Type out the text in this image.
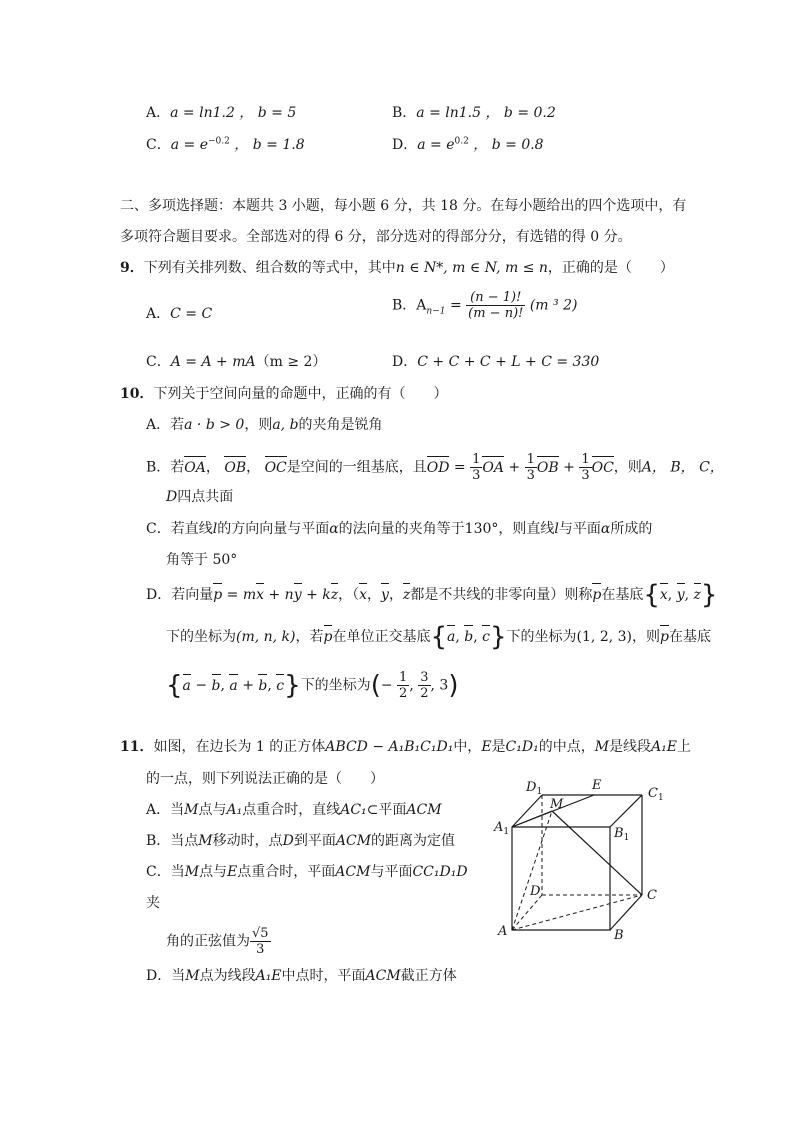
A．a = ln1.2 ， b = 5	B．a = ln1.5 ， b = 0.2
C．$a = e^{-0.2}$ ， b = 1.8	D．$a = e^{0.2}$ ， b = 0.8
二、多项选择题：本题共 3 小题，每小题 6 分，共 18 分。在每小题给出的四个选项中，有
多项符合题目要求。全部选对的得 6 分，部分选对的得部分分，有选错的得 0 分。
9．下列有关排列数、组合数的等式中，其中n ∈ N*, m ∈ N, m ≤ n，正确的是（　　）
A．C = C
B．$A_{n-1} = \frac{(n - 1)!}{(m - n)!} (m$ ³ 2)
C．A = A + mA（m ≥ 2）	D．C + C + C + L + C = 330
10．下列关于空间向量的命题中，正确的有（　　）
A．若a · b > 0，则a, b的夹角是锐角
B．若OA， OB， OC是空间的一组基底，且OD = $\frac{1}{3}$ OA + $\frac{1}{3}$ OB + $\frac{1}{3}$ OC，则A， B， C，
D四点共面
C．若直线l的方向向量与平面α的法向量的夹角等于130°，则直线l与平面α所成的
角等于 50°
D．若向量p = mx + ny + kz，（x，y，z都是不共线的非零向量）则称p在基底{x, y, z}
下的坐标为(m, n, k)，若p在单位正交基底{a, b, c}下的坐标为(1, 2, 3)，则p在基底
{a − b, a + b, c}下的坐标为(− $\frac{1}{2}$ , $\frac{3}{2}$ , 3)
11．如图，在边长为 1 的正方体ABCD − A₁B₁C₁D₁中，E是C₁D₁的中点，M是线段A₁E上
的一点，则下列说法正确的是（　　）
A．当M点与A₁点重合时，直线AC₁⊂平面ACM
B．当点M移动时，点D到平面ACM的距离为定值
C．当M点与E点重合时，平面ACM与平面CC₁D₁D
夹
角的正弦值为 $\frac{√5}{3}$
D．当M点为线段A₁E中点时，平面ACM截正方体
$D_1$	E
$C_1$
M
$A_1$	$B_1$
D	C
A	B
